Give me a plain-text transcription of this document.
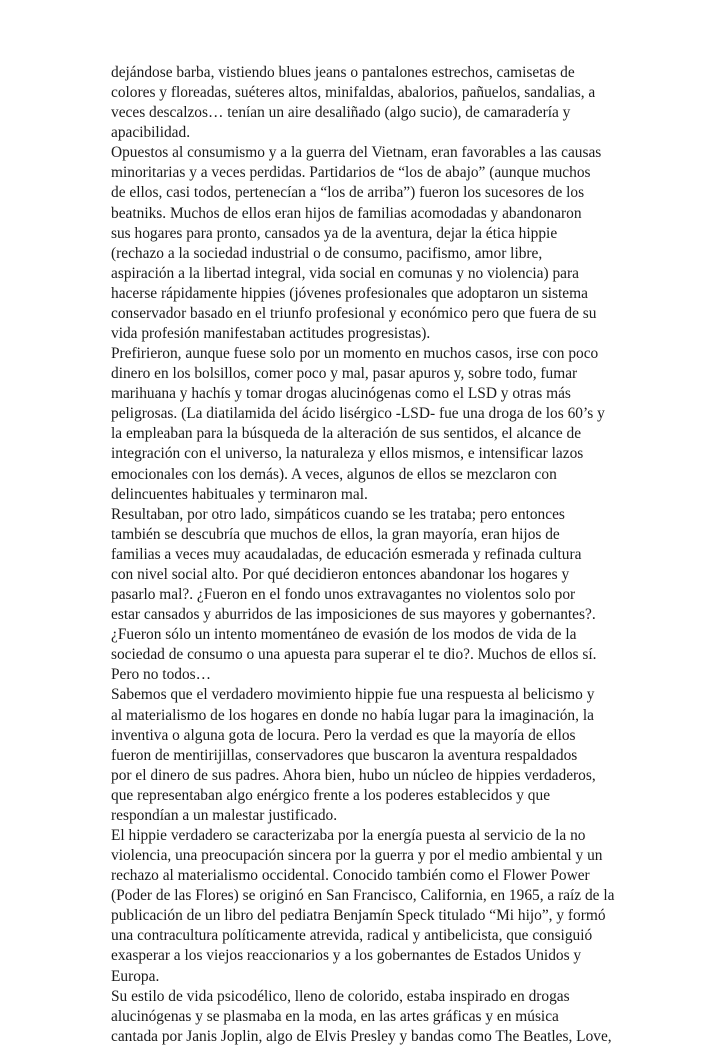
dejándose barba, vistiendo blues jeans o pantalones estrechos, camisetas de
colores y floreadas, suéteres altos, minifaldas, abalorios, pañuelos, sandalias, a
veces descalzos… tenían un aire desaliñado (algo sucio), de camaradería y
apacibilidad.

Opuestos al consumismo y a la guerra del Vietnam, eran favorables a las causas
minoritarias y a veces perdidas. Partidarios de “los de abajo” (aunque muchos
de ellos, casi todos, pertenecían a “los de arriba”) fueron los sucesores de los
beatniks. Muchos de ellos eran hijos de familias acomodadas y abandonaron
sus hogares para pronto, cansados ya de la aventura, dejar la ética hippie
(rechazo a la sociedad industrial o de consumo, pacifismo, amor libre,
aspiración a la libertad integral, vida social en comunas y no violencia) para
hacerse rápidamente hippies (jóvenes profesionales que adoptaron un sistema
conservador basado en el triunfo profesional y económico pero que fuera de su
vida profesión manifestaban actitudes progresistas).

Prefirieron, aunque fuese solo por un momento en muchos casos, irse con poco
dinero en los bolsillos, comer poco y mal, pasar apuros y, sobre todo, fumar
marihuana y hachís y tomar drogas alucinógenas como el LSD y otras más
peligrosas. (La diatilamida del ácido lisérgico -LSD- fue una droga de los 60’s y
la empleaban para la búsqueda de la alteración de sus sentidos, el alcance de
integración con el universo, la naturaleza y ellos mismos, e intensificar lazos
emocionales con los demás). A veces, algunos de ellos se mezclaron con
delincuentes habituales y terminaron mal.

Resultaban, por otro lado, simpáticos cuando se les trataba; pero entonces
también se descubría que muchos de ellos, la gran mayoría, eran hijos de
familias a veces muy acaudaladas, de educación esmerada y refinada cultura
con nivel social alto. Por qué decidieron entonces abandonar los hogares y
pasarlo mal?. ¿Fueron en el fondo unos extravagantes no violentos solo por
estar cansados y aburridos de las imposiciones de sus mayores y gobernantes?.
¿Fueron sólo un intento momentáneo de evasión de los modos de vida de la
sociedad de consumo o una apuesta para superar el te dio?. Muchos de ellos sí.
Pero no todos…

Sabemos que el verdadero movimiento hippie fue una respuesta al belicismo y
al materialismo de los hogares en donde no había lugar para la imaginación, la
inventiva o alguna gota de locura. Pero la verdad es que la mayoría de ellos
fueron de mentirijillas, conservadores que buscaron la aventura respaldados
por el dinero de sus padres. Ahora bien, hubo un núcleo de hippies verdaderos,
que representaban algo enérgico frente a los poderes establecidos y que
respondían a un malestar justificado.

El hippie verdadero se caracterizaba por la energía puesta al servicio de la no
violencia, una preocupación sincera por la guerra y por el medio ambiental y un
rechazo al materialismo occidental. Conocido también como el Flower Power
(Poder de las Flores) se originó en San Francisco, California, en 1965, a raíz de la
publicación de un libro del pediatra Benjamín Speck titulado “Mi hijo”, y formó
una contracultura políticamente atrevida, radical y antibelicista, que consiguió
exasperar a los viejos reaccionarios y a los gobernantes de Estados Unidos y
Europa.

Su estilo de vida psicodélico, lleno de colorido, estaba inspirado en drogas
alucinógenas y se plasmaba en la moda, en las artes gráficas y en música
cantada por Janis Joplin, algo de Elvis Presley y bandas como The Beatles, Love,
